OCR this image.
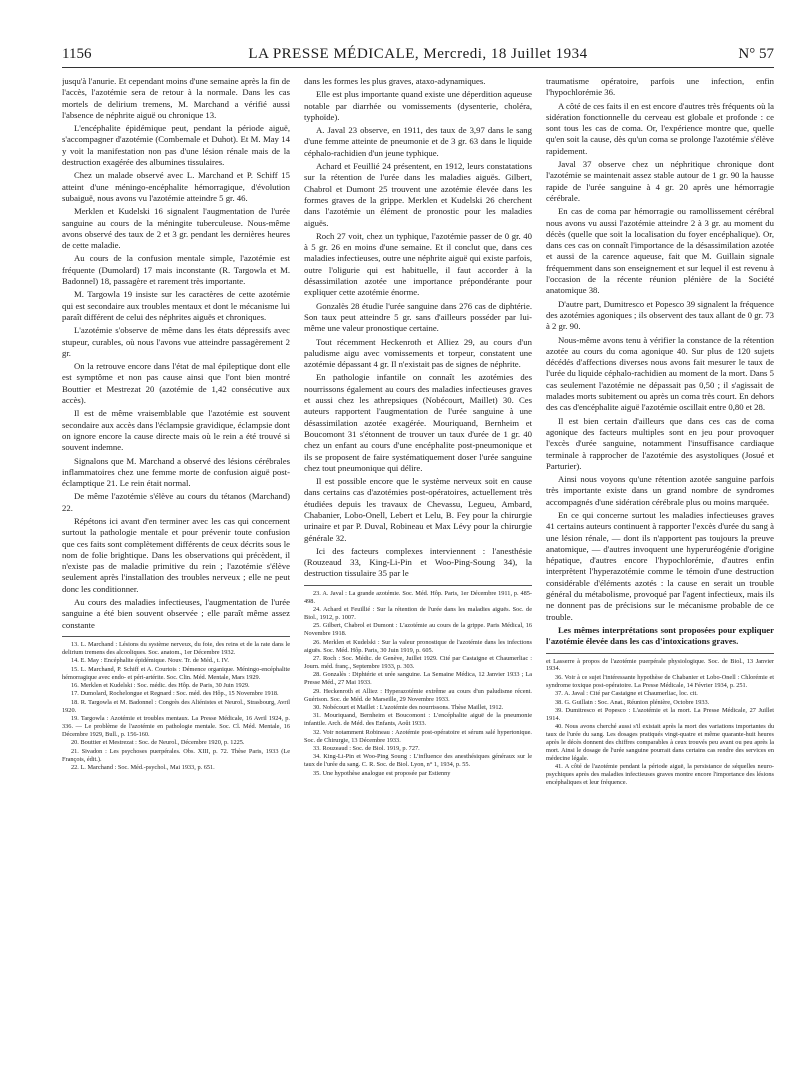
1156	LA PRESSE MÉDICALE, Mercredi, 18 Juillet 1934	N° 57

jusqu'à l'anurie. Et cependant moins d'une semaine après la fin de l'accès, l'azotémie sera de retour à la normale. Dans les cas mortels de delirium tremens, M. Marchand a vérifié aussi l'absence de néphrite aiguë ou chronique 13.

L'encéphalite épidémique peut, pendant la période aiguë, s'accompagner d'azotémie (Combemale et Duhot). Et M. May 14 y voit la manifestation non pas d'une lésion rénale mais de la destruction exagérée des albumines tissulaires.

Chez un malade observé avec L. Marchand et P. Schiff 15 atteint d'une méningo-encéphalite hémorragique, d'évolution subaiguë, nous avons vu l'azotémie atteindre 5 gr. 46.

Merklen et Kudelski 16 signalent l'augmentation de l'urée sanguine au cours de la méningite tuberculeuse. Nous-même avons observé des taux de 2 et 3 gr. pendant les dernières heures de cette maladie.

Au cours de la confusion mentale simple, l'azotémie est fréquente (Dumolard) 17 mais inconstante (R. Targowla et M. Badonnel) 18, passagère et rarement très importante.

M. Targowla 19 insiste sur les caractères de cette azotémie qui est secondaire aux troubles mentaux et dont le mécanisme lui paraît différent de celui des néphrites aiguës et chroniques.

L'azotémie s'observe de même dans les états dépressifs avec stupeur, curables, où nous l'avons vue atteindre passagèrement 2 gr.

On la retrouve encore dans l'état de mal épileptique dont elle est symptôme et non pas cause ainsi que l'ont bien montré Bouttier et Mestrezat 20 (azotémie de 1,42 consécutive aux accès).

Il est de même vraisemblable que l'azotémie est souvent secondaire aux accès dans l'éclampsie gravidique, éclampsie dont on ignore encore la cause directe mais où le rein a été trouvé si souvent indemne.

Signalons que M. Marchand a observé des lésions cérébrales inflammatoires chez une femme morte de confusion aiguë post-éclamptique 21. Le rein était normal.

De même l'azotémie s'élève au cours du tétanos (Marchand) 22.

Répétons ici avant d'en terminer avec les cas qui concernent surtout la pathologie mentale et pour prévenir toute confusion que ces faits sont complètement différents de ceux décrits sous le nom de folie brightique. Dans les observations qui précèdent, il n'existe pas de maladie primitive du rein ; l'azotémie s'élève seulement après l'installation des troubles nerveux ; elle ne peut donc les conditionner.

Au cours des maladies infectieuses, l'augmentation de l'urée sanguine a été bien souvent observée ; elle paraît même assez constante

13. L. Marchand : Lésions du système nerveux, du foie, des reins et de la rate dans le delirium tremens des alcooliques. Soc. anatom., 1er Décembre 1932.

14. E. May : Encéphalite épidémique. Nouv. Tr. de Méd., t. IV.

15. L. Marchand, P. Schiff et A. Courtois : Démence organique. Méningo-encéphalite hémorragique avec endo- et péri-artérite. Soc. Clin. Méd. Mentale, Mars 1929.

16. Merklen et Kudelski : Soc. médic. des Hôp. de Paris, 30 Juin 1929.

17. Dumolard, Rochelongue et Regnard : Soc. méd. des Hôp., 15 Novembre 1918.

18. R. Targowla et M. Badonnel : Congrès des Aliénistes et Neurol., Strasbourg, Avril 1920.

19. Targowla : Azotémie et troubles mentaux. La Presse Médicale, 16 Avril 1924, p. 336. — Le problème de l'azotémie en pathologie mentale. Soc. Cl. Méd. Mentale, 16 Décembre 1929, Bull., p. 156-160.

20. Bouttier et Mestrezat : Soc. de Neurol., Décembre 1920, p. 1225.

21. Sivadon : Les psychoses puerpérales. Obs. XIII, p. 72. Thèse Paris, 1933 (Le François, édit.).

22. L. Marchand : Soc. Méd.-psychol., Mai 1933, p. 651.

dans les formes les plus graves, ataxo-adynamiques.

Elle est plus importante quand existe une déperdition aqueuse notable par diarrhée ou vomissements (dysenterie, choléra, typhoïde).

A. Javal 23 observe, en 1911, des taux de 3,97 dans le sang d'une femme atteinte de pneumonie et de 3 gr. 63 dans le liquide céphalo-rachidien d'un jeune typhique.

Achard et Feuillié 24 présentent, en 1912, leurs constatations sur la rétention de l'urée dans les maladies aiguës. Gilbert, Chabrol et Dumont 25 trouvent une azotémie élevée dans les formes graves de la grippe. Merklen et Kudelski 26 cherchent dans l'azotémie un élément de pronostic pour les maladies aiguës.

Roch 27 voit, chez un typhique, l'azotémie passer de 0 gr. 40 à 5 gr. 26 en moins d'une semaine. Et il conclut que, dans ces maladies infectieuses, outre une néphrite aiguë qui existe parfois, outre l'oligurie qui est habituelle, il faut accorder à la désassimilation azotée une importance prépondérante pour expliquer cette azotémie énorme.

Gonzalès 28 étudie l'urée sanguine dans 276 cas de diphtérie. Son taux peut atteindre 5 gr. sans d'ailleurs posséder par lui-même une valeur pronostique certaine.

Tout récemment Heckenroth et Alliez 29, au cours d'un paludisme aigu avec vomissements et torpeur, constatent une azotémie dépassant 4 gr. Il n'existait pas de signes de néphrite.

En pathologie infantile on connaît les azotémies des nourrissons également au cours des maladies infectieuses graves et aussi chez les athrepsiques (Nobécourt, Maillet) 30. Ces auteurs rapportent l'augmentation de l'urée sanguine à une désassimilation azotée exagérée. Mouriquand, Bernheim et Boucomont 31 s'étonnent de trouver un taux d'urée de 1 gr. 40 chez un enfant au cours d'une encéphalite post-pneumonique et ils se proposent de faire systématiquement doser l'urée sanguine chez tout pneumonique qui délire.

Il est possible encore que le système nerveux soit en cause dans certains cas d'azotémies post-opératoires, actuellement très étudiées depuis les travaux de Chevassu, Legueu, Ambard, Chabanier, Lobo-Onell, Lebert et Lelu, B. Fey pour la chirurgie urinaire et par P. Duval, Robineau et Max Lévy pour la chirurgie générale 32.

Ici des facteurs complexes interviennent : l'anesthésie (Rouzeaud 33, King-Li-Pin et Woo-Ping-Soung 34), la destruction tissulaire 35 par le

23. A. Javal : La grande azotémie. Soc. Méd. Hôp. Paris, 1er Décembre 1911, p. 485-498.

24. Achard et Feuillié : Sur la rétention de l'urée dans les maladies aiguës. Soc. de Biol., 1912, p. 1007.

25. Gilbert, Chabrol et Dumont : L'azotémie au cours de la grippe. Paris Médical, 16 Novembre 1918.

26. Merklen et Kudelski : Sur la valeur pronostique de l'azotémie dans les infections aiguës. Soc. Méd. Hôp. Paris, 30 Juin 1919, p. 605.

27. Roch : Soc. Médic. de Genève, Juillet 1929. Cité par Castaigne et Chaumerliac : Journ. méd. franç., Septembre 1933, p. 303.

28. Gonzalès : Diphtérie et urée sanguine. La Semaine Médica, 12 Janvier 1933 ; La Presse Méd., 27 Mai 1933.

29. Heckenroth et Alliez : Hyperazotémie extrême au cours d'un paludisme récent. Guérison. Soc. de Méd. de Marseille, 29 Novembre 1933.

30. Nobécourt et Maillet : L'azotémie des nourrissons. Thèse Maillet, 1912.

31. Mouriquand, Bernheim et Boucomont : L'encéphalite aiguë de la pneumonie infantile. Arch. de Méd. des Enfants, Août 1933.

32. Voir notamment Robineau : Azotémie post-opératoire et sérum salé hypertonique. Soc. de Chirurgie, 13 Décembre 1933.

33. Rouzeaud : Soc. de Biol. 1919, p. 727.

34. King-Li-Pin et Woo-Ping Soung : L'influence des anesthésiques généraux sur le taux de l'urée du sang. C. R. Soc. de Biol. Lyon, n° 1, 1934, p. 55.

35. Une hypothèse analogue est proposée par Estienny

traumatisme opératoire, parfois une infection, enfin l'hypochlorémie 36.

A côté de ces faits il en est encore d'autres très fréquents où la sidération fonctionnelle du cerveau est globale et profonde : ce sont tous les cas de coma. Or, l'expérience montre que, quelle qu'en soit la cause, dès qu'un coma se prolonge l'azotémie s'élève rapidement.

Javal 37 observe chez un néphritique chronique dont l'azotémie se maintenait assez stable autour de 1 gr. 90 la hausse rapide de l'urée sanguine à 4 gr. 20 après une hémorragie cérébrale.

En cas de coma par hémorragie ou ramollissement cérébral nous avons vu aussi l'azotémie atteindre 2 à 3 gr. au moment du décès (quelle que soit la localisation du foyer encéphalique). Or, dans ces cas on connaît l'importance de la désassimilation azotée et aussi de la carence aqueuse, fait que M. Guillain signale fréquemment dans son enseignement et sur lequel il est revenu à l'occasion de la récente réunion plénière de la Société anatomique 38.

D'autre part, Dumitresco et Popesco 39 signalent la fréquence des azotémies agoniques ; ils observent des taux allant de 0 gr. 73 à 2 gr. 90.

Nous-même avons tenu à vérifier la constance de la rétention azotée au cours du coma agonique 40. Sur plus de 120 sujets décédés d'affections diverses nous avons fait mesurer le taux de l'urée du liquide céphalo-rachidien au moment de la mort. Dans 5 cas seulement l'azotémie ne dépassait pas 0,50 ; il s'agissait de malades morts subitement ou après un coma très court. En dehors des cas d'encéphalite aiguë l'azotémie oscillait entre 0,80 et 28.

Il est bien certain d'ailleurs que dans ces cas de coma agonique des facteurs multiples sont en jeu pour provoquer l'excès d'urée sanguine, notamment l'insuffisance cardiaque terminale à rapprocher de l'azotémie des asystoliques (Josué et Parturier).

Ainsi nous voyons qu'une rétention azotée sanguine parfois très importante existe dans un grand nombre de syndromes accompagnés d'une sidération cérébrale plus ou moins marquée.

En ce qui concerne surtout les maladies infectieuses graves 41 certains auteurs continuent à rapporter l'excès d'urée du sang à une lésion rénale, — dont ils n'apportent pas toujours la preuve anatomique, — d'autres invoquent une hyperuréogénie d'origine hépatique, d'autres encore l'hypochlorémie, d'autres enfin interprètent l'hyperazotémie comme le témoin d'une destruction considérable d'éléments azotés : la cause en serait un trouble général du métabolisme, provoqué par l'agent infectieux, mais ils ne donnent pas de précisions sur le mécanisme probable de ce trouble.

Les mêmes interprétations sont proposées pour expliquer l'azotémie élevée dans les cas d'intoxications graves.

et Lasserre à propos de l'azotémie puerpérale physiologique. Soc. de Biol., 13 Janvier 1934.

36. Voir à ce sujet l'intéressante hypothèse de Chabanier et Lobo-Onell : Chlorémie et syndrome toxique post-opératoire. La Presse Médicale, 14 Février 1934, p. 251.

37. A. Javal : Cité par Castaigne et Chaumerliac, loc. cit.

38. G. Guillain : Soc. Anat., Réunion plénière, Octobre 1933.

39. Dumitresco et Popesco : L'azotémie et la mort. La Presse Médicale, 27 Juillet 1914.

40. Nous avons cherché aussi s'il existait après la mort des variations importantes du taux de l'urée du sang. Les dosages pratiqués vingt-quatre et même quarante-huit heures après le décès donnent des chiffres comparables à ceux trouvés peu avant ou peu après la mort. Ainsi le dosage de l'urée sanguine pourrait dans certains cas rendre des services en médecine légale.

41. A côté de l'azotémie pendant la période aiguë, la persistance de séquelles neuro-psychiques après des maladies infectieuses graves montre encore l'importance des lésions encéphaliques et leur fréquence.
